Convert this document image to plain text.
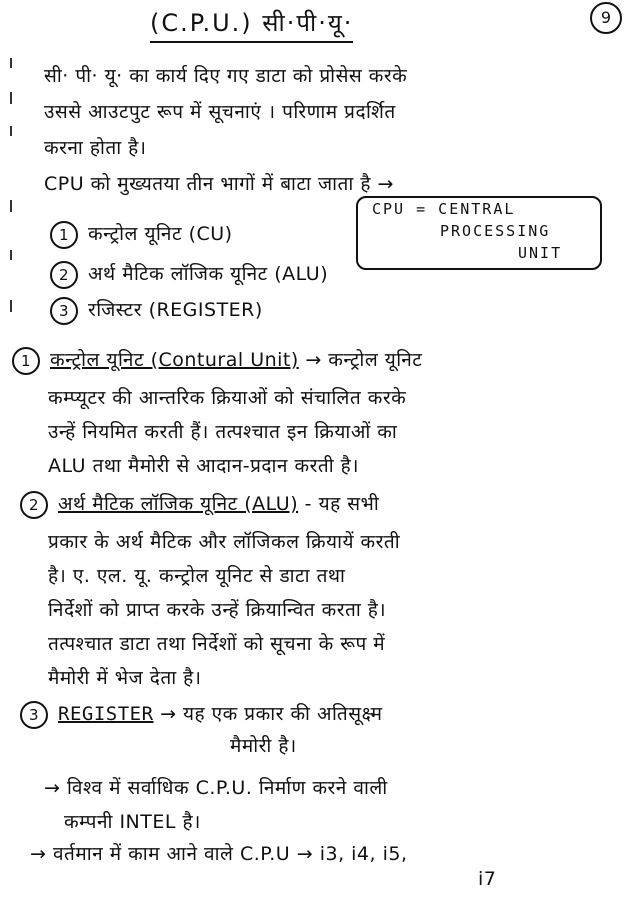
(C.P.U.) सी·पी·यू·	9
सी· पी· यू· का कार्य दिए गए डाटा को प्रोसेस करके
उससे आउटपुट रूप में सूचनाएं । परिणाम प्रदर्शित
करना होता है।
CPU को मुख्यतया तीन भागों में बाटा जाता है →
1 कन्ट्रोल यूनिट (CU)
2 अर्थ मैटिक लॉजिक यूनिट (ALU)
3 रजिस्टर (REGISTER)
CPU = CENTRAL
PROCESSING
UNIT
1 कन्ट्रोल यूनिट (Contural Unit) → कन्ट्रोल यूनिट
कम्प्यूटर की आन्तरिक क्रियाओं को संचालित करके
उन्हें नियमित करती हैं। तत्पश्चात इन क्रियाओं का
ALU तथा मैमोरी से आदान-प्रदान करती है।
2 अर्थ मैटिक लॉजिक यूनिट (ALU) - यह सभी
प्रकार के अर्थ मैटिक और लॉजिकल क्रियायें करती
है। ए. एल. यू. कन्ट्रोल यूनिट से डाटा तथा
निर्देशों को प्राप्त करके उन्हें क्रियान्वित करता है।
तत्पश्चात डाटा तथा निर्देशों को सूचना के रूप में
मैमोरी में भेज देता है।
3 REGISTER → यह एक प्रकार की अतिसूक्ष्म
मैमोरी है।
→ विश्व में सर्वाधिक C.P.U. निर्माण करने वाली
कम्पनी INTEL है।
→ वर्तमान में काम आने वाले C.P.U → i3, i4, i5,
i7
